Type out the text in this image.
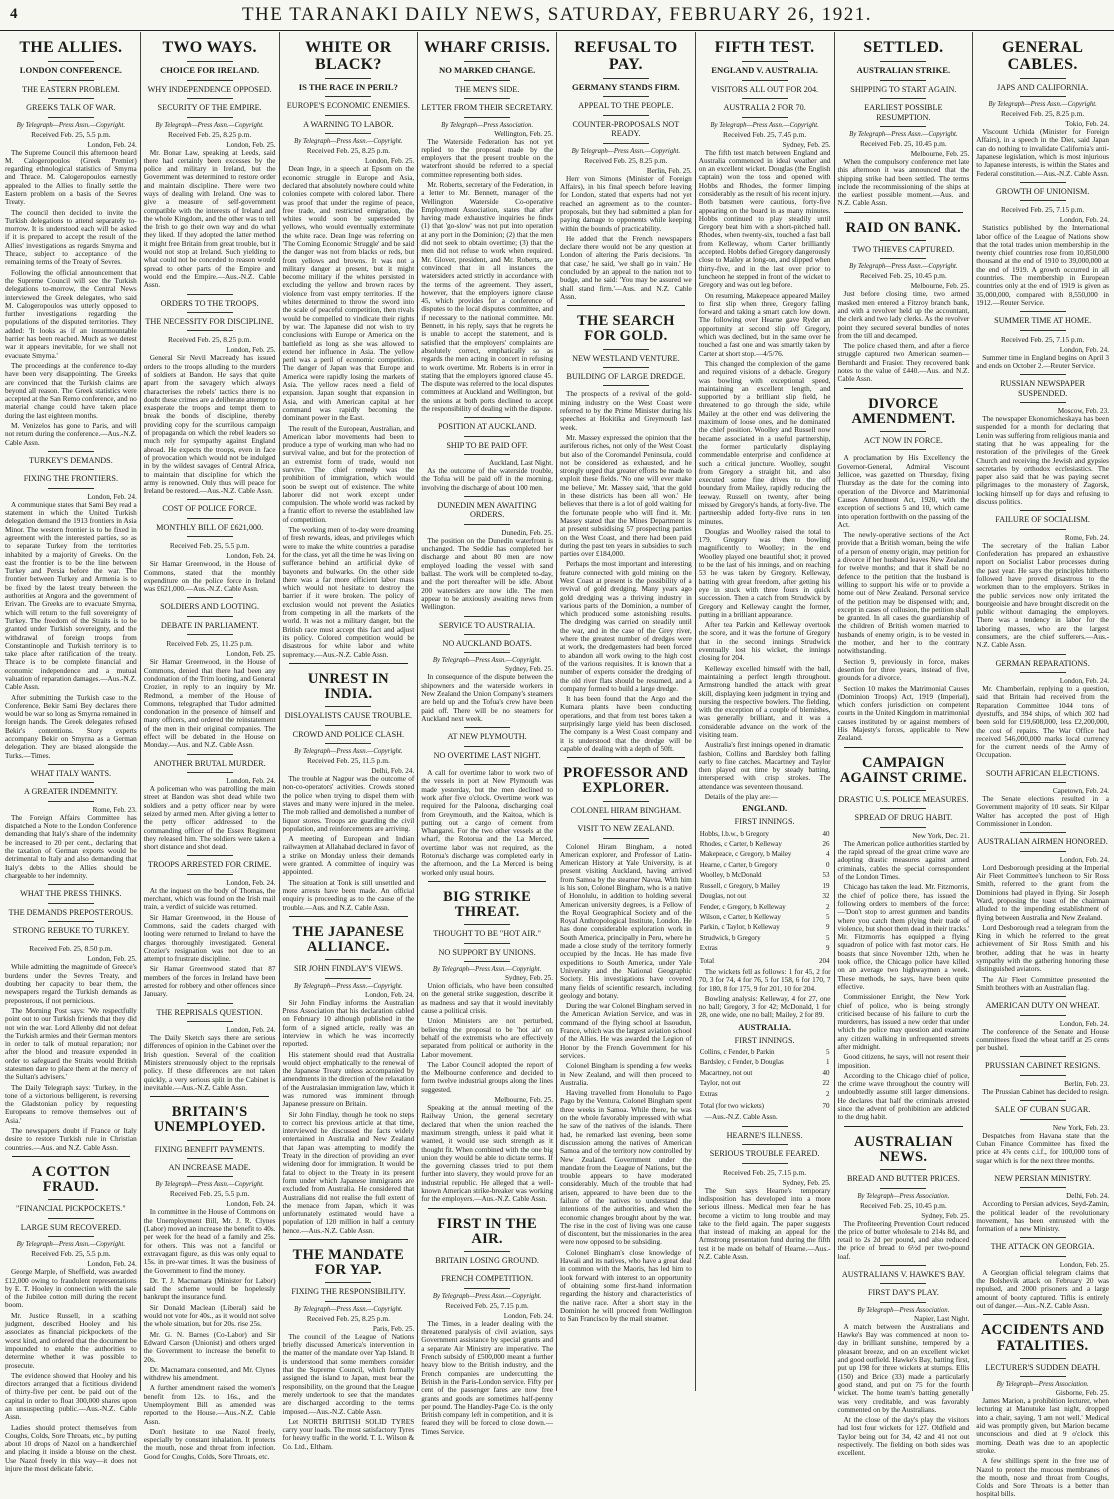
4	THE TARANAKI DAILY NEWS, SATURDAY, FEBRUARY 26, 1921.
THE ALLIES.
LONDON CONFERENCE.
THE EASTERN PROBLEM.
GREEKS TALK OF WAR.
By Telegraph—Press Assn.—Copyright.
Received Feb. 25, 5.5 p.m.
London, Feb. 24.

The Supreme Council this afternoon heard M. Calogeropoulos (Greek Premier) regarding ethnological statistics of Smyrna and Thrace. M. Calogeropoulos earnestly appealed to the Allies to finally settle the Eastern problem on a basis of the Sevres Treaty.

The council then decided to invite the Turkish delegations to attend separately to-morrow. It is understood each will be asked if it is prepared to accept the result of the Allies' investigations as regards Smyrna and Thrace, subject to acceptance of the remaining terms of the Treaty of Sevres.

Following the official announcement that the Supreme Council will see the Turkish delegations to-morrow, the Central News interviewed the Greek delegates, who said M. Calogeropoulos was utterly opposed to further investigations regarding the populations of the disputed territories. They added: 'It looks as if an insurmountable barrier has been reached. Much as we detest war it appears inevitable, for we shall not evacuate Smyrna.'

The proceedings at the conference to-day have been very disappointing. The Greeks are convinced that the Turkish claims are beyond all reason. The Greek statistics were accepted at the San Remo conference, and no material change could have taken place during the last eighteen months.

M. Venizelos has gone to Paris, and will not return during the conference.—Aus.-N.Z. Cable Assn.

TURKEY'S DEMANDS.
FIXING THE FRONTIERS.
London, Feb. 24.

A communique states that Sami Bey read a statement in which the United Turkish delegation demand the 1913 frontiers in Asia Minor. The western frontier is to be fixed in agreement with the interested parties, so as to separate Turkey from the territories inhabited by a majority of Greeks. On the east the frontier is to be the line between Turkey and Persia before the war. The frontier between Turkey and Armenia is to be fixed by the latest treaty between the authorities at Angora and the government of Erivan. The Greeks are to evacuate Smyrna, which will return to the full sovereignty of Turkey. The freedom of the Straits is to be granted under Turkish sovereignty, and the withdrawal of foreign troops from Constantinople and Turkish territory is to take place after ratification of the treaty. Thrace is to be complete financial and economic independence and a mutual valuation of reparation damages.—Aus.-N.Z. Cable Assn.

After submitting the Turkish case to the Conference, Bekir Sami Bey declares there would be war so long as Smyrna remained in foreign hands. The Greek delegates refused Bekir's contentions. Story experts accompany Bekir on Smyrna as a German delegation. They are biased alongside the Turks.—Times.

WHAT ITALY WANTS.
A GREATER INDEMNITY.
Rome, Feb. 23.

The Foreign Affairs Committee has dispatched a Note to the London Conference demanding that Italy's share of the indemnity be increased to 20 per cent., declaring that the taxation of German exports would be detrimental to Italy and also demanding that Italy's debts to the Allies should be chargeable to her indemnity.

WHAT THE PRESS THINKS.
THE DEMANDS PREPOSTEROUS.
STRONG REBUKE TO TURKEY.
Received Feb. 25, 8.50 p.m.
London, Feb. 25.

While admitting the magnitude of Greece's burdens under the Sevres Treaty, and doubting her capacity to bear them, the newspapers regard the Turkish demands as preposterous, if not pernicious.

The Morning Post says: 'We respectfully point out to our Turkish friends that they did not win the war. Lord Allenby did not defeat the Turkish armies and their German mentors in order to talk of mutual reparation; nor after the blood and treasure expended in order to safeguard the Straits would British statesmen dare to place them at the mercy of the Sultan's advisers.'

The Daily Telegraph says: 'Turkey, in the tone of a victorious belligerent, is reversing the Gladstonian policy by requesting Europeans to remove themselves out of Asia.'

The newspapers doubt if France or Italy desire to restore Turkish rule in Christian countries.—Aus. and N.Z. Cable Assn.

A COTTON FRAUD.
"FINANCIAL PICKPOCKETS."
LARGE SUM RECOVERED.
By Telegraph—Press Assn.—Copyright.
Received Feb. 25, 5.5 p.m.
London, Feb. 24.

George Marple, of Sheffield, was awarded £12,000 owing to fraudulent representations by E. T. Hooley in connection with the sale of the Jubilee cotton mill during the recent boom.

Mr. Justice Russell, in a scathing judgment, described Hooley and his associates as financial pickpockets of the worst kind, and ordered that the document be impounded to enable the authorities to determine whether it was possible to prosecute.

The evidence showed that Hooley and his directors arranged that a fictitious dividend of thirty-five per cent. be paid out of the capital in order to float 300,000 shares upon an unsuspecting public.—Aus.-N.Z. Cable Assn.

Ladies should protect themselves from Coughs, Colds, Sore Throats, etc., by putting about 10 drops of Nazol on a handkerchief and placing it inside a blouse on the chest. Use Nazol freely in this way—it does not injure the most delicate fabric.

TWO WAYS.
CHOICE FOR IRELAND.
WHY INDEPENDENCE OPPOSED.
SECURITY OF THE EMPIRE.
By Telegraph—Press Assn.—Copyright.
Received Feb. 25, 8.25 p.m.
London, Feb. 25.

Mr. Bonar Law, speaking at Leeds, said there had certainly been excesses by the police and military in Ireland, but the Government was determined to restore order and maintain discipline. There were two ways of dealing with Ireland. One was to give a measure of self-government compatible with the interests of Ireland and the whole Kingdom, and the other was to tell the Irish to go their own way and do what they liked. If they adopted the latter method it might free Britain from great trouble, but it would not stop at Ireland. Such yielding to what could not be conceded to reason would spread to other parts of the Empire and would end the Empire.—Aus.-N.Z. Cable Assn.

ORDERS TO THE TROOPS.
THE NECESSITY FOR DISCIPLINE.
Received Feb. 25, 8.25 p.m.
London, Feb. 25.

General Sir Nevil Macready has issued orders to the troops alluding to the murders of soldiers at Bandon. He says that quite apart from the savagery which always characterises the rebels' tactics there is no doubt these crimes are a deliberate attempt to exasperate the troops and tempt them to break the bonds of discipline, thereby providing copy for the scurrilous campaign of propaganda on which the rebel leaders so much rely for sympathy against England abroad. He expects the troops, even in face of provocation which would not be indulged in by the wildest savages of Central Africa, to maintain that discipline for which the army is renowned. Only thus will peace for Ireland be restored.—Aus.-N.Z. Cable Assn.

COST OF POLICE FORCE.
MONTHLY BILL OF £621,000.
Received Feb. 25, 5.5 p.m.
London, Feb. 24.

Sir Hamar Greenwood, in the House of Commons, stated that the monthly expenditure on the police force in Ireland was £621,000.—Aus.-N.Z. Cable Assn.

SOLDIERS AND LOOTING.
DEBATE IN PARLIAMENT.
Received Feb. 25, 11.25 p.m.
London, Feb. 25.

Sir Hamar Greenwood, in the House of Commons, denied that there had been any condonation of the Trim looting, and General Crozier, in reply to an inquiry by Mr. Redmond, a member of the House of Commons, telegraphed that Tudor admitted condonation in the presence of himself and many officers, and ordered the reinstatement of the men in their original companies. The effect will be debated in the House on Monday.—Aus. and N.Z. Cable Assn.

ANOTHER BRUTAL MURDER.
London, Feb. 24.

A policeman who was patrolling the main street at Bandon was shot dead while two soldiers and a petty officer near by were seized by armed men. After giving a letter to the petty officer addressed to the commanding officer of the Essex Regiment they released him. The soldiers were taken a short distance and shot dead.

TROOPS ARRESTED FOR CRIME.
London, Feb. 24.

At the inquest on the body of Thomas, the merchant, which was found on the Irish mail train, a verdict of suicide was returned.

Sir Hamar Greenwood, in the House of Commons, said the cadets charged with looting were returned to Ireland to have the charges thoroughly investigated. General Crozier's resignation was not due to an attempt to frustrate discipline.

Sir Hamar Greenwood stated that 87 members of the forces in Ireland have been arrested for robbery and other offences since January.

THE REPRISALS QUESTION.
London, Feb. 24.

The Daily Sketch says there are serious differences of opinion in the Cabinet over the Irish question. Several of the coalition Ministers strenuously object to the reprisals policy. If these differences are not taken quickly, a very serious split in the Cabinet is inevitable.—Aus.-N.Z. Cable Assn.

BRITAIN'S UNEMPLOYED.
FIXING BENEFIT PAYMENTS.
AN INCREASE MADE.
By Telegraph—Press Assn.—Copyright.
Received Feb. 25, 5.5 p.m.
London, Feb. 24.

In committee in the House of Commons on the Unemployment Bill, Mr. J. R. Clynes (Labor) moved an increase the benefit to 40s. per week for the head of a family and 25s. for others. This was not a fanciful or extravagant figure, as this was only equal to 15s. in pre-war times. It was the business of the Government to find the money.

Dr. T. J. Macnamara (Minister for Labor) said the scheme would be hopelessly bankrupt the insurance fund.

Sir Donald Maclean (Liberal) said he would not vote for 40s., as it would not solve the whole situation, but for 20s. rise 25s.

Mr. G. N. Barnes (Co-Labor) and Sir Edward Carson (Unionist) and others urged the Government to increase the benefit to 20s.

Dr. Macnamara consented, and Mr. Clynes withdrew his amendment.

A further amendment raised the women's benefit from 12s. to 16s., and the Unemployment Bill as amended was reported to the House.—Aus.-N.Z. Cable Assn.

Don't hesitate to use Nazol freely, especially by constant inhalation. It protects the mouth, nose and throat from infection. Good for Coughs, Colds, Sore Throats, etc.

WHITE OR BLACK?
IS THE RACE IN PERIL?
EUROPE'S ECONOMIC ENEMIES.
A WARNING TO LABOR.
By Telegraph—Press Assn.—Copyright.
Received Feb. 25, 8.25 p.m.
London, Feb. 25.

Dean Inge, in a speech at Epsom on the economic struggle in Europe and Asia, declared that absolutely nowhere could white colonies compete with colored labor. There was proof that under the regime of peace, free trade, and restricted emigration, the whites would soon be superseded by yellows, who would eventually exterminate the white race. Dean Inge was referring on 'The Coming Economic Struggle' and he said the danger was not from blacks or reds, but from yellows and browns. It was not a military danger at present, but it might become military if the whites persisted in excluding the yellow and brown races by violence from vast empty territories. If the whites determined to throw the sword into the scale of peaceful competition, then rivals would be compelled to vindicate their rights by war. The Japanese did not wish to try conclusions with Europe or America on the battlefield as long as she was allowed to extend her influence in Asia. The yellow peril was a peril of economic competition. The danger of Japan was that Europe and America were rapidly losing the markets of Asia. The yellow races need a field of expansion. Japan sought that expansion in Asia, and with American capital at her command was rapidly becoming the dominant power in the East.

The result of the European, Australian, and American labor movements had been to produce a type of working man who had no survival value, and but for the protection of an extremist form of trade, would not survive. The chief remedy was the prohibition of immigration, which would soon be swept out of existence. The white laborer did not work except under compulsion. The whole world was racked by a frantic effort to reverse the established law of competition.

The working men of to-day were dreaming of fresh rewards, ideas, and privileges which were to make the white countries a paradise for the class, yet all the time he was living on sufferance behind an artificial dyke of bayonets and bulwarks. On the other side there was a far more efficient labor mass which would not hesitate to destroy the barrier if it were broken. The policy of exclusion would not prevent the Asiatics from competing in all the markets of the world. It was not a military danger, but the British race must accept this fact and adjust its policy. Colored competition would be disastrous for white labor and white supremacy.—Aus.-N.Z. Cable Assn.

UNREST IN INDIA.
DISLOYALISTS CAUSE TROUBLE.
CROWD AND POLICE CLASH.
By Telegraph—Press Assn.—Copyright.
Received Feb. 25, 11.5 p.m.
Delhi, Feb. 24.

The trouble at Nagpur was the outcome of non-co-operators' activities. Crowds stoned the police when trying to dispel them with staves and many were injured in the melee. The mob rallied and demolished a number of liquor stores. Troops are guarding the civil population, and reinforcements are arriving.

A meeting of European and Indian railwaymen at Allahabad declared in favor of a strike on Monday unless their demands were granted. A committee of inquiry was appointed.

The situation at Tonk is still unsettled and more arrests have been made. An official enquiry is proceeding as to the cause of the trouble.—Aus. and N.Z. Cable Assn.

THE JAPANESE ALLIANCE.
SIR JOHN FINDLAY'S VIEWS.
By Telegraph—Press Assn.—Copyright.
London, Feb. 24.

Sir John Findlay informs the Australian Press Association that his declaration cabled on February 10 although published in the form of a signed article, really was an interview in which he was incorrectly reported.

His statement should read that Australia would object emphatically to the renewal of the Japanese Treaty unless accompanied by amendments in the direction of the relaxation of the Australasian immigration law, which it was rumored was imminent through Japanese pressure on Britain.

Sir John Findlay, though he took no steps to correct his previous article at that time, interviewed he discussed the facts widely entertained in Australia and New Zealand that Japan was attempting to modify the Treaty in the direction of providing an ever widening door for immigration. It would be fatal to object to the Treaty in its present form under which Japanese immigrants are excluded from Australia. He considered that Australians did not realise the full extent of the menace from Japan, which it was unfortunately estimated would have a population of 120 million in half a century hence.—Aus.-N.Z. Cable Assn.

THE MANDATE FOR YAP.
FIXING THE RESPONSIBILITY.
By Telegraph—Press Assn.—Copyright.
Received Feb. 25, 8.25 p.m.
Paris, Feb. 25.

The council of the League of Nations briefly discussed America's intervention in the matter of the mandate over Yap Island. It is understood that some members consider that the Supreme Council, which formally assigned the island to Japan, must bear the responsibility, on the ground that the League merely undertook to see that the mandates are discharged according to the terms imposed.—Aus.-N.Z. Cable Assn.

Let NORTH BRITISH SOLID TYRES carry your loads. The most satisfactory Tyres for heavy traffic in the world. T. L. Wilson & Co. Ltd., Eltham.

WHARF CRISIS.
NO MARKED CHANGE.
THE MEN'S SIDE.
LETTER FROM THEIR SECRETARY.
By Telegraph—Press Association.
Wellington, Feb. 25.

The Waterside Federation has not yet replied to the proposal made by the employers that the present trouble on the waterfront should be referred to a special committee representing both sides.

Mr. Roberts, secretary of the Federation, in a letter to Mr. Bennett, manager of the Wellington Waterside Co-operative Employment Association, states that after having made exhaustive inquiries he finds (1) that 'go-slow' was not put into operation at any port in the Dominion; (2) that the men did not seek to obtain overtime; (3) that the men did not refuse to work when required. Mr. Glover, president, and Mr. Roberts, are convinced that in all instances the watersiders acted strictly in accordance with the terms of the agreement. They assert, however, that the employers ignore clause 45, which provides for a conference of disputes to the local disputes committee, and if necessary to the national committee. Mr. Bennett, in his reply, says that he regrets he is unable to accept the statement, and is satisfied that the employers' complaints are absolutely correct, emphatically so as regards the men acting in concert in refusing to work overtime. Mr. Roberts is in error in stating that the employers ignored clause 45. The dispute was referred to the local disputes committees at Auckland and Wellington, but the unions at both ports declined to accept the responsibility of dealing with the dispute.

POSITION AT AUCKLAND.
SHIP TO BE PAID OFF.
Auckland, Last Night.

As the outcome of the waterside trouble, the Tofua will be paid off in the morning, involving the discharge of about 100 men.

DUNEDIN MEN AWAITING ORDERS.
Dunedin, Feb. 25.

The position on the Dunedin waterfront is unchanged. The Seddie has completed her discharge and about 80 men are now employed loading the vessel with sand ballast. The work will be completed to-day, and the port thereafter will be idle. About 200 watersiders are now idle. The men appear to be anxiously awaiting news from Wellington.

SERVICE TO AUSTRALIA.
NO AUCKLAND BOATS.
By Telegraph—Press Assn.—Copyright.
Sydney, Feb. 25.

In consequence of the dispute between the shipowners and the waterside workers in New Zealand the Union Company's steamers are held up and the Tofua's crew have been paid off. There will be no steamers for Auckland next week.

AT NEW PLYMOUTH.
NO OVERTIME LAST NIGHT.

A call for overtime labor to work two of the vessels in port at New Plymouth was made yesterday, but the men declined to work after five o'clock. Overtime work was required for the Paloona, discharging coal from Greymouth, and the Kaitoa, which is putting out a cargo of cement from Whangarei. For the two other vessels at the wharf, the Rotorua and the La Merced, overtime labor was not required, as the Rotorua's discharge was completed early in the afternoon, and the La Merced is being worked only usual hours.

BIG STRIKE THREAT.
THOUGHT TO BE "HOT AIR."
NO SUPPORT BY UNIONS.
By Telegraph—Press Assn.—Copyright.
Sydney, Feb. 25.

Union officials, who have been consulted on the general strike suggestion, describe it as madness and say that it would inevitably cause a political crisis.

Union Ministers are not perturbed, believing the proposal to be 'hot air' on behalf of the extremists who are effectively separated from political or authority in the Labor movement.

The Labor Council adopted the report of the Melbourne conference and decided to form twelve industrial groups along the lines suggested.

Melbourne, Feb. 25.

Speaking at the annual meeting of the Railway Union, the general secretary declared that when the union reached the maximum strength, unless it paid what it wanted, it would use such strength as it thought fit. When combined with the one big union they would be able to dictate terms. If the governing classes tried to put them further into slavery, they would prove for an industrial republic. He alleged that a well-known American strike-breaker was working for the employers.—Aus.-N.Z. Cable Assn.

FIRST IN THE AIR.
BRITAIN LOSING GROUND.
FRENCH COMPETITION.
By Telegraph—Press Assn.—Copyright.
Received Feb. 25, 7.15 p.m.
London, Feb. 24.

The Times, in a leader dealing with the threatened paralysis of civil aviation, says Government assistance by special grants and a separate Air Ministry are imperative. The French subsidy of £500,000 meant a further heavy blow to the British industry, and the French companies are undercutting the British in the Paris-London service. Fifty per cent of the passenger fares are now free grants and goods are sometimes half-penny per pound. The Handley-Page Co. is the only British company left in competition, and it is feared they will be forced to close down.—Times Service.

REFUSAL TO PAY.
GERMANY STANDS FIRM.
APPEAL TO THE PEOPLE.
COUNTER-PROPOSALS NOT READY.
By Telegraph—Press Assn.—Copyright.
Received Feb. 25, 8.25 p.m.
Berlin, Feb. 25.

Herr von Simons (Minister of Foreign Affairs), in his final speech before leaving for London, stated that experts had not yet reached an agreement as to the counter-proposals, but they had submitted a plan for paying damage to opponents while keeping within the bounds of practicability.

He added that the French newspapers declare there would not be any question at London of altering the Paris decisions. 'In that case,' he said, 'we shall go in vain.' He concluded by an appeal to the nation not to budge, and he said: 'You may be assured we shall stand firm.'—Aus. and N.Z. Cable Assn.

THE SEARCH FOR GOLD.
NEW WESTLAND VENTURE.
BUILDING OF LARGE DREDGE.

The prospects of a revival of the gold-mining industry on the West Coast were referred to by the Prime Minister during his speeches at Hokitika and Greymouth last week.

Mr. Massey expressed the opinion that the auriferous riches, not only of the West Coast but also of the Coromandel Peninsula, could not be considered as exhausted, and he strongly urged that greater efforts be made to exploit these fields. 'No one will ever make me believe,' Mr. Massey said, 'that the gold in these districts has been all won.' He believes that there is a lot of gold waiting for the fortunate people who will find it. Mr. Massey stated that the Mines Department is at present subsidising 57 prospecting parties on the West Coast, and there had been paid during the past ten years in subsidies to such parties over £184,000.

Perhaps the most important and interesting feature connected with gold mining on the West Coast at present is the possibility of a revival of gold dredging. Many years ago gold dredging was a thriving industry in various parts of the Dominion, a number of which produced some astonishing results. The dredging was carried on steadily until the war, and in the case of the Grey river, where the greatest number of dredges were at work, the dredgemasters had been forced to abandon all work owing to the high cost of the various requisites. It is known that a number of experts consider the dredging of the old river flats should be resumed, and a company formed to build a large dredge.

It has been found that the Argo and the Kumara plants have been conducting operations, and that from test bores taken a surprisingly large yield has been disclosed. The company is a West Coast company and it is understood that the dredge will be capable of dealing with a depth of 50ft.

PROFESSOR AND EXPLORER.
COLONEL HIRAM BINGHAM.
VISIT TO NEW ZEALAND.

Colonel Hiram Bingham, a noted American explorer, and Professor of Latin-American History at Yale University, is at present visiting Auckland, having arrived from Samoa by the steamer Navua. With him is his son, Colonel Bingham, who is a native of Honolulu, in addition to holding several American university degrees, is a Fellow of the Royal Geographical Society and of the Royal Anthropological Institute, London. He has done considerable exploration work in South America, principally in Peru, where he made a close study of the territory formerly occupied by the Incas. He has made five expeditions to South America, under Yale University and the National Geographic Society. His investigations have covered many fields of scientific research, including geology and botany.

During the war Colonel Bingham served in the American Aviation Service, and was in command of the flying school at Issoudun, France, which was the largest aviation school of the Allies. He was awarded the Legion of Honor by the French Government for his services.

Colonel Bingham is spending a few weeks in New Zealand, and will then proceed to Australia.

Having travelled from Honolulu to Pago Pago by the Ventura, Colonel Bingham spent three weeks in Samoa. While there, he was on the whole favorably impressed with what he saw of the natives of the islands. There had, he remarked last evening, been some discussion among the natives of American Samoa and of the territory now controlled by New Zealand. Government under the mandate from the League of Nations, but the trouble appears to have moderated considerably. Much of the trouble that had arisen, appeared to have been due to the failure of the natives to understand the intentions of the authorities, and when the economic changes brought about by the war. The rise in the cost of living was one cause of discontent, but the missionaries in the area were now opposed to be subsiding.

Colonel Bingham's close knowledge of Hawaii and its natives, who have a great deal in common with the Maoris, has led him to look forward with interest to an opportunity of obtaining some first-hand information regarding the history and characteristics of the native race. After a short stay in the Dominion he will proceed from Wellington to San Francisco by the mail steamer.

FIFTH TEST.
ENGLAND V. AUSTRALIA.
VISITORS ALL OUT FOR 204.
AUSTRALIA 2 FOR 70.
By Telegraph—Press Assn.—Copyright.
Received Feb. 25, 7.45 p.m.
Sydney, Feb. 25.

The fifth test match between England and Australia commenced in ideal weather and on an excellent wicket. Douglas (the English captain) won the toss and opened with Hobbs and Rhodes, the former limping considerably as the result of his recent injury. Both batsmen were cautious, forty-five appearing on the board in as many minutes. Hobbs continued to play steadily until Gregory beat him with a short-pitched ball. Rhodes, when twenty-six, touched a fast ball from Kelleway, whom Carter brilliantly accepted. Hobbs defied Gregory dangerously close to Mailey at long-on, and slipped when thirty-five, and in the last over prior to luncheon he stepped in front of the wicket to Gregory and was out leg before.

On resuming, Makepeace appeared Mailey to first slip when three, Gregory falling forward and taking a smart catch low down. The following over Hearne gave Ryder an opportunity at second slip off Gregory, which was declined, but in the same over he touched a fast one and was smartly taken by Carter at short stop.—4/5/76.

This changed the complexion of the game and required visions of a debacle. Gregory was bowling with exceptional speed, maintaining an excellent length, and supported by a brilliant slip field, he threatened to go through the side, while Mailey at the other end was delivering the maximum of loose ones, and he dominated the chief position. Woolley and Russell now became associated in a useful partnership, the former particularly displaying commendable enterprise and confidence at such a critical juncture. Woolley, sought from Gregory a straight hit, and also executed some fine drives to the off boundary from Mailey, rapidly reducing the leeway. Russell on twenty, after being missed by Gregory's hands, at forty-five. The partnership added forty-five runs in ten minutes.

Douglas and Woolley raised the total to 179. Gregory was then bowling magnificently to Woolley; in the end Woolley played one beautiful shot; it proved to be the last of his innings, and on reaching 53 he was taken by Gregory. Kelleway, batting with great freedom, after getting his eye in stuck with three fours in quick succession. Then a catch from Strudwick by Gregory and Kelleway caught the former, putting in a brilliant appearance.

After tea Parkin and Kelleway overtook the score, and it was the fortune of Gregory that in the second innings Strudwick eventually lost his wicket, the innings closing for 204.

Kelleway excelled himself with the ball, maintaining a perfect length throughout. Armstrong handled the attack with great skill, displaying keen judgment in trying and nursing the respective bowlers. The fielding, with the exception of a couple of blemishes, was generally brilliant, and it was a considerable advance on the work of the visiting team.

Australia's first innings opened in dramatic fashion, Collins and Bardsley both falling early to fine catches. Macartney and Taylor then played out time by steady batting, interspersed with crisp strokes. The attendance was seventeen thousand.

Details of the play are:—

ENGLAND.
FIRST INNINGS.
Hobbs, l.b.w., b Gregory	40
Rhodes, c Carter, b Kelleway	26
Makepeace, c Gregory, b Mailey	4
Hearne, c Carter, b Gregory	0
Woolley, b McDonald	53
Russell, c Gregory, b Mailey	19
Douglas, not out	32
Fender, c Gregory, b Kelleway	2
Wilson, c Carter, b Kelleway	5
Parkin, c Taylor, b Kelleway	9
Strudwick, b Gregory	5
Extras	9
Total	204

The wickets fell as follows: 1 for 45, 2 for 70, 3 for 74, 4 for 76, 5 for 158, 6 for 170, 7 for 180, 8 for 175, 9 for 201, 10 for 204.

Bowling analysis: Kelleway, 4 for 27, one no ball; Gregory, 3 for 42; McDonald, 1 for 28, one wide, one no ball; Mailey, 2 for 89.

AUSTRALIA.
FIRST INNINGS.
Collins, c Fender, b Parkin	5
Bardsley, c Fender, b Douglas	1
Macartney, not out	40
Taylor, not out	22
Extras	2
Total (for two wickets)	70

—Aus.-N.Z. Cable Assn.

HEARNE'S ILLNESS.
SERIOUS TROUBLE FEARED.
Received Feb. 25, 7.15 p.m.
Sydney, Feb. 25.

The Sun says Hearne's temporary indisposition has developed into a more serious illness. Medical men fear he has become a victim to lung trouble and may take to the field again. The paper suggests that instead of making an appeal for the Armstrong presentation fund during the fifth test it be made on behalf of Hearne.—Aus.-N.Z. Cable Assn.

SETTLED.
AUSTRALIAN STRIKE.
SHIPPING TO START AGAIN.
EARLIEST POSSIBLE RESUMPTION.
By Telegraph—Press Assn.—Copyright.
Received Feb. 25, 10.45 p.m.
Melbourne, Feb. 25.

When the compulsory conference met late this afternoon it was announced that the shipping strike had been settled. The terms include the recommissioning of the ships at the earliest possible moment.—Aus. and N.Z. Cable Assn.

RAID ON BANK.
TWO THIEVES CAPTURED.
By Telegraph—Press Assn.—Copyright.
Received Feb. 25, 10.45 p.m.
Melbourne, Feb. 25.

Just before closing time, two armed masked men entered a Fitzroy branch bank, and with a revolver held up the accountant, the clerk and two lady clerks. As the revolver point they secured several bundles of notes from the till and decamped.

The police chased them, and after a fierce struggle captured two American seamen—Bernhardt and Frasier. They recovered bank notes to the value of £440.—Aus. and N.Z. Cable Assn.

DIVORCE AMENDMENT.
ACT NOW IN FORCE.

A proclamation by His Excellency the Governor-General, Admiral Viscount Jellicoe, was gazetted on Thursday, fixing Thursday as the date for the coming into operation of the Divorce and Matrimonial Causes Amendment Act, 1920, with the exception of sections 5 and 10, which came into operation forthwith on the passing of the Act.

The newly-operative sections of the Act provide that a British woman, being the wife of a person of enemy origin, may petition for a divorce if her husband leaves New Zealand for twelve months; and that it shall be no defence to the petition that the husband is willing to support his wife or to provide a home out of New Zealand. Personal service of the petition may be dispensed with; and, except in cases of collusion, the petition shall be granted. In all cases the guardianship of the children of British women married to husbands of enemy origin, is to be vested in the mother, and her to the contrary notwithstanding.

Section 9, previously in force, makes desertion for three years, instead of five, grounds for a divorce.

Section 10 makes the Matrimonial Causes (Dominion Troops) Act, 1919 (Imperial), which confers jurisdiction on competent courts in the United Kingdom in matrimonial causes instituted by or against members of His Majesty's forces, applicable to New Zealand.

CAMPAIGN AGAINST CRIME.
DRASTIC U.S. POLICE MEASURES.
SPREAD OF DRUG HABIT.
New York, Dec. 21.

The American police authorities startled by the rapid spread of the great crime wave are adopting drastic measures against armed criminals, cables the special correspondent of the London Times.

Chicago has taken the lead. Mr. Fitzmorris, the chief of police there, has issued the following orders to members of the force:—'Don't stop to arrest gunmen and bandits where you catch them plying their trade of violence, but shoot them dead in their tracks.' Mr. Fitzmorris has equipped a flying squadron of police with fast motor cars. He boasts that since November 12th, when he took office, the Chicago police have killed on an average two highwaymen a week. These methods, he says, have been quite effective.

Commissioner Enright, the New York chief of police, who is being strongly criticised because of his failure to curb the murderers, has issued a new order that under which the police may question and examine any citizen walking in unfrequented streets after midnight.

Good citizens, he says, will not resent their imposition.

According to the Chicago chief of police, the crime wave throughout the country will undoubtedly assume still larger dimensions. He declares that half the criminals arrested since the advent of prohibition are addicted to the drug habit.

AUSTRALIAN NEWS.
BREAD AND BUTTER PRICES.
By Telegraph—Press Association.
Received Feb. 25, 10.45 p.m.
Sydney, Feb. 25.

The Profiteering Prevention Court reduced the price of butter wholesale to 214s 8d, and retail to 2s 2d per pound, and also reduced the price of bread to 6½d per two-pound loaf.

AUSTRALIANS V. HAWKE'S BAY.
FIRST DAY'S PLAY.
By Telegraph—Press Association.
Napier, Last Night.

A match between the Australians and Hawke's Bay was commenced at noon to-day in brilliant sunshine, tempered by a pleasant breeze, and on an excellent wicket and good outfield. Hawke's Bay, batting first, put up 198 for three wickets at stumps. Ellis (150) and Brice (33) made a particularly good stand, and put on 75 for the fourth wicket. The home team's batting generally was very creditable, and was favorably commented on by the Australians.

At the close of the day's play the visitors had lost four wickets for 127. Oldfield and Taylor being out for 34, 42 and 41 not out respectively. The fielding on both sides was excellent.

GENERAL CABLES.
JAPS AND CALIFORNIA.
By Telegraph—Press Assn.—Copyright.
Received Feb. 25, 8.25 p.m.
Tokio, Feb. 24.

Viscount Uchida (Minister for Foreign Affairs), in a speech in the Diet, said Japan can do nothing to invalidate California's anti-Japanese legislation, which is most injurious to Japanese interests, is within the States and Federal constitution.—Aus.-N.Z. Cable Assn.

GROWTH OF UNIONISM.
Received Feb. 25, 7.15 p.m.
London, Feb. 24.

Statistics published by the International labor office of the League of Nations show that the total trades union membership in the twenty chief countries rose from 10,850,000 thousand at the end of 1910 to 39,000,000 at the end of 1919. A growth occurred in all countries. The membership in European countries only at the end of 1919 is given as 35,000,000, compared with 8,550,000 in 1912.—Reuter Service.

SUMMER TIME AT HOME.
Received Feb. 25, 7.15 p.m.
London, Feb. 24.

Summer time in England begins on April 3 and ends on October 2.—Reuter Service.

RUSSIAN NEWSPAPER SUSPENDED.
Moscow, Feb. 23.

The newspaper Ekonomicheskaya has been suspended for a month for declaring that Lenin was suffering from religious mania and stating that he was appealing for the restoration of the privileges of the Greek Church and receiving the Jewish and gypsies secretaries by orthodox ecclesiastics. The paper also said that he was paying secret pilgrimages to the monastery of Zagorsk, locking himself up for days and refusing to discuss politics.

FAILURE OF SOCIALISM.
Rome, Feb. 24.

The secretary of the Italian Labor Confederation has prepared an exhaustive report on Socialist Labor processes during the past year. He says the principles hitherto followed have proved disastrous to the workmen than to the employers. Strikes in the public services now only irritated the bourgeoisie and have brought discredit on the public without damaging the employers. There was a tendency in labor for the laboring masses, who are the largest consumers, are the chief sufferers.—Aus.-N.Z. Cable Assn.

GERMAN REPARATIONS.
London, Feb. 24.

Mr. Chamberlain, replying to a question, said that Britain had received from the Reparation Committee 1044 tons of dyestuffs, and 394 ships, of which 302 had been sold for £19,608,000, less £2,200,000, the cost of repairs. The War Office had received 546,000,000 marks local currency for the current needs of the Army of Occupation.

SOUTH AFRICAN ELECTIONS.
Capetown, Feb. 24.

The Senate elections resulted in a Government majority of 10 seats. Sir Kilpar Walter has accepted the post of High Commissioner in London.

AUSTRALIAN AIRMEN HONORED.
London, Feb. 24.

Lord Desborough presiding at the Imperial Air Fleet Committee's luncheon to Sir Ross Smith, referred to the grant from the Dominions had played in flying. Sir Joseph Ward, proposing the toast of the chairman alluded to the impending establishment of flying between Australia and New Zealand.

Lord Desborough read a telegram from the King in which he referred to the great achievement of Sir Ross Smith and his brother, adding that he was in hearty sympathy with the gathering honoring these distinguished aviators.

The Air Fleet Committee presented the Smith brothers with an Australian flag.

AMERICAN DUTY ON WHEAT.
London, Feb. 24.

The conference of the Senate and House committees fixed the wheat tariff at 25 cents per bushel.

PRUSSIAN CABINET RESIGNS.
Berlin, Feb. 23.

The Prussian Cabinet has decided to resign.

SALE OF CUBAN SUGAR.
New York, Feb. 23.

Despatches from Havana state that the Cuban Finance Committee has fixed the price at 4⅞ cents c.i.f., for 100,000 tons of sugar which is for the next three months.

NEW PERSIAN MINISTRY.
Delhi, Feb. 24.

According to Persian advices, Seyd-Zamin, the political leader of the revolutionary movement, has been entrusted with the formation of a new Ministry.

THE ATTACK ON GEORGIA.
London, Feb. 25.

A Georgian official telegram claims that the Bolshevik attack on February 20 was repulsed, and 2000 prisoners and a large amount of booty captured. Tiflis is entirely out of danger.—Aus.-N.Z. Cable Assn.

ACCIDENTS AND FATALITIES.
LECTURER'S SUDDEN DEATH.
By Telegraph—Press Association.
Gisborne, Feb. 25.

James Marion, a prohibition lecturer, when lecturing at Manutuke last night, dropped into a chair, saying, 'I am not well.' Medical aid was promptly given, but Marion became unconscious and died at 9 o'clock this morning. Death was due to an apoplectic stroke.

A few shillings spent in the free use of Nazol to protect the mucous membranes of the mouth, nose and throat from Coughs, Colds and Sore Throats is a better than hospital bills.
